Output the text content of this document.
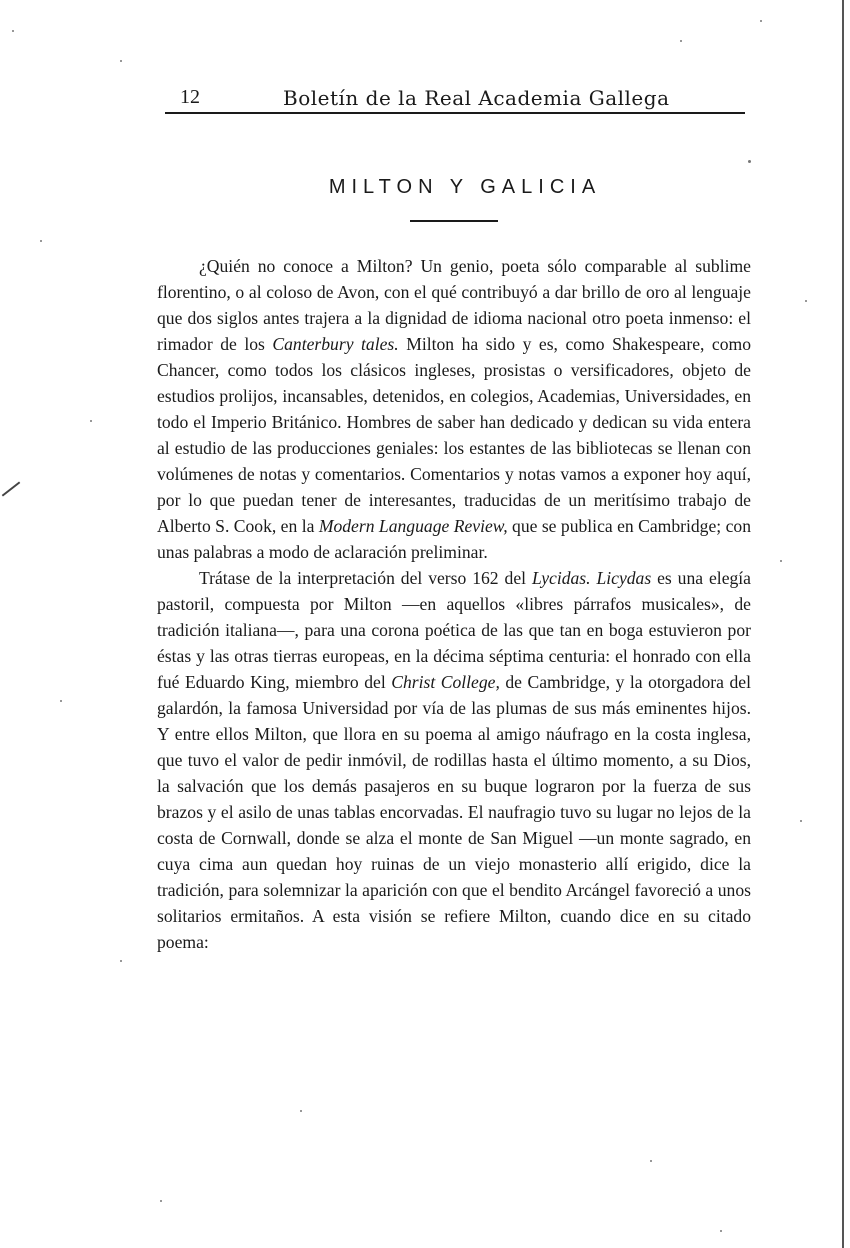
12	Boletín de la Real Academia Gallega
MILTON Y GALICIA

¿Quién no conoce a Milton? Un genio, poeta sólo comparable al sublime florentino, o al coloso de Avon, con el qué contribuyó a dar brillo de oro al lenguaje que dos siglos antes trajera a la dignidad de idioma nacional otro poeta inmenso: el rimador de los Canterbury tales. Milton ha sido y es, como Shakespeare, como Chancer, como todos los clásicos ingleses, prosistas o versificadores, objeto de estudios prolijos, incansables, detenidos, en colegios, Academias, Universidades, en todo el Imperio Británico. Hombres de saber han dedicado y dedican su vida entera al estudio de las producciones geniales: los estantes de las bibliotecas se llenan con volúmenes de notas y comentarios. Comentarios y notas vamos a exponer hoy aquí, por lo que puedan tener de interesantes, traducidas de un meritísimo trabajo de Alberto S. Cook, en la Modern Language Review, que se publica en Cambridge; con unas palabras a modo de aclaración preliminar.

Trátase de la interpretación del verso 162 del Lycidas. Licydas es una elegía pastoril, compuesta por Milton —en aquellos «libres párrafos musicales», de tradición italiana—, para una corona poética de las que tan en boga estuvieron por éstas y las otras tierras europeas, en la décima séptima centuria: el honrado con ella fué Eduardo King, miembro del Christ College, de Cambridge, y la otorgadora del galardón, la famosa Universidad por vía de las plumas de sus más eminentes hijos. Y entre ellos Milton, que llora en su poema al amigo náufrago en la costa inglesa, que tuvo el valor de pedir inmóvil, de rodillas hasta el último momento, a su Dios, la salvación que los demás pasajeros en su buque lograron por la fuerza de sus brazos y el asilo de unas tablas encorvadas. El naufragio tuvo su lugar no lejos de la costa de Cornwall, donde se alza el monte de San Miguel —un monte sagrado, en cuya cima aun quedan hoy ruinas de un viejo monasterio allí erigido, dice la tradición, para solemnizar la aparición con que el bendito Arcángel favoreció a unos solitarios ermitaños. A esta visión se refiere Milton, cuando dice en su citado poema:
